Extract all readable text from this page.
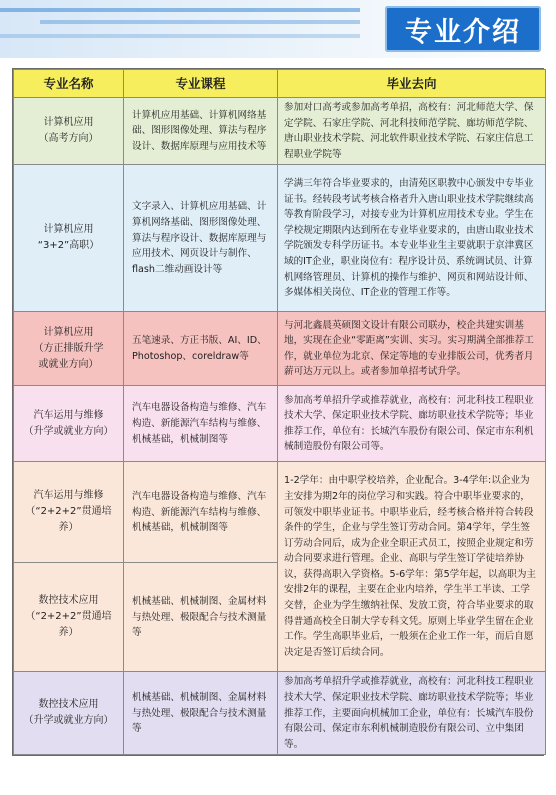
专业介绍
专业名称	专业课程	毕业去向

计算机应用
（高考方向）	计算机应用基础、计算机网络基础、图形图像处理、算法与程序设计、数据库原理与应用技术等	参加对口高考或参加高考单招，高校有：河北师范大学、保定学院、石家庄学院、河北科技师范学院、廊坊师范学院、唐山职业技术学院、河北软件职业技术学院、石家庄信息工程职业学院等

计算机应用
“3+2”高职）	文字录入、计算机应用基础、计算机网络基础、图形图像处理、算法与程序设计、数据库原理与应用技术、网页设计与制作、flash二维动画设计等	学满三年符合毕业要求的，由清苑区职教中心颁发中专毕业证书。经转段考试考核合格者升入唐山职业技术学院继续高等教育阶段学习，对接专业为计算机应用技术专业。学生在学校规定期限内达到所在专业毕业要求的，由唐山取业技术学院颁发专科学历证书。本专业毕业生主要就职于京津冀区域的IT企业，职业岗位有：程序设计员、系统调试员、计算机网络管理员、计算机的操作与维护、网页和网站设计师、多媒体相关岗位、IT企业的管理工作等。

计算机应用
（方正排版升学
或就业方向）	五笔速录、方正书版、AI、ID、Photoshop、coreldraw等	与河北鑫晨英硕图文设计有限公司联办，校企共建实训基地，实现在企业“零距离”实训、实习。实习期满全部推荐工作，就业单位为北京、保定等地的专业排版公司，优秀者月薪可达万元以上。或者参加单招考试升学。

汽车运用与维修
（升学或就业方向）	汽车电器设备构造与维修、汽车构造、新能源汽车结构与维修、机械基础，机械制图等	参加高考单招升学或推荐就业，高校有：河北科技工程职业技术大学、保定职业技术学院、廊坊职业技术学院等；毕业推荐工作，单位有：长城汽车股份有限公司、保定市东利机械制造股份有限公司等。

汽车运用与维修
（“2+2+2”贯通培养）	汽车电器设备构造与维修、汽车构造、新能源汽车结构与维修、机械基础，机械制图等	1-2学年：由中职学校培养，企业配合。3-4学年:以企业为主安排为期2年的岗位学习和实践。符合中职毕业要求的，可领发中职毕业证书。中职毕业后，经考核合格并符合转段条件的学生，企业与学生签订劳动合同。第4学年，学生签订劳动合同后，成为企业全职正式员工，按照企业规定和劳动合同要求进行管理。企业、高职与学生签订学徒培养协议，获得高职入学资格。5-6学年：第5学年起，以高职为主安排2年的课程，主要在企业内培养，学生半工半读、工学交替，企业为学生缴纳社保、发放工资，符合毕业要求的取得普通高校全日制大学专科文凭。原则上毕业学生留在企业工作。学生高职毕业后，一般须在企业工作一年，而后自愿决定是否签订后续合同。

数控技术应用
（“2+2+2”贯通培养）	机械基础、机械制图、金属材料与热处理、极限配合与技术测量等	

数控技术应用
（升学或就业方向）	机械基础、机械制图、金属材料与热处理、极限配合与技术测量等	参加高考单招升学或推荐就业，高校有：河北科技工程职业技术大学、保定职业技术学院、廊坊职业技术学院等；毕业推荐工作，主要面向机械加工企业，单位有：长城汽车股份有限公司、保定市东利机械制造股份有限公司、立中集团等。
